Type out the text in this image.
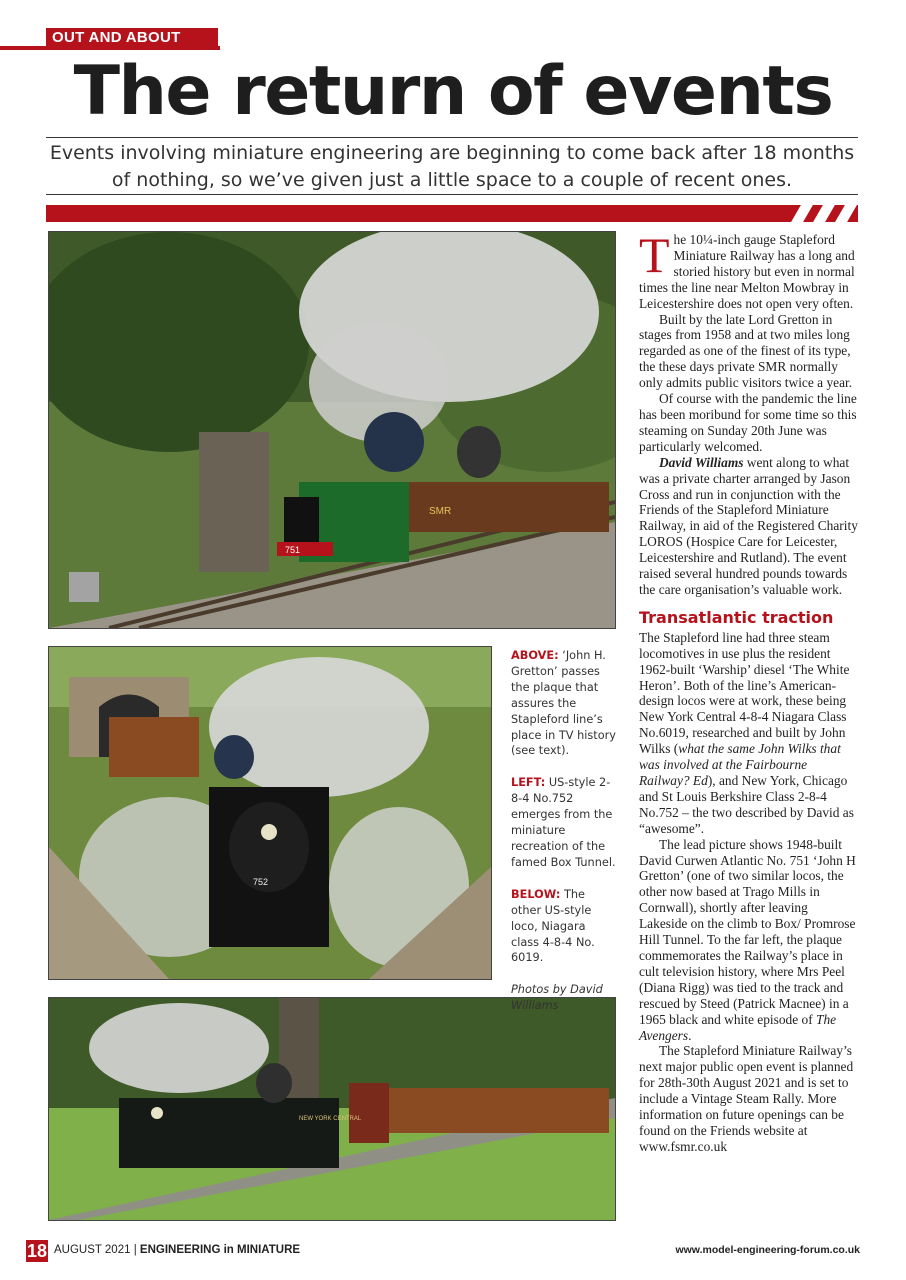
OUT AND ABOUT
The return of events
Events involving miniature engineering are beginning to come back after 18 months of nothing, so we’ve given just a little space to a couple of recent ones.
751
SMR
752
NEW YORK CENTRAL

ABOVE: ‘John H. Gretton’ passes the plaque that assures the Stapleford line’s place in TV history (see text).

LEFT: US-style 2-8-4 No.752 emerges from the miniature recreation of the famed Box Tunnel.

BELOW: The other US-style loco, Niagara class 4-8-4 No. 6019.

Photos by David Williams

The 10¼-inch gauge Stapleford Miniature Railway has a long and storied history but even in normal times the line near Melton Mowbray in Leicestershire does not open very often.

Built by the late Lord Gretton in stages from 1958 and at two miles long regarded as one of the finest of its type, the these days private SMR normally only admits public visitors twice a year.

Of course with the pandemic the line has been moribund for some time so this steaming on Sunday 20th June was particularly welcomed.

David Williams went along to what was a private charter arranged by Jason Cross and run in conjunction with the Friends of the Stapleford Miniature Railway, in aid of the Registered Charity LOROS (Hospice Care for Leicester, Leicestershire and Rutland). The event raised several hundred pounds towards the care organisation’s valuable work.

Transatlantic traction

The Stapleford line had three steam locomotives in use plus the resident 1962-built ‘Warship’ diesel ‘The White Heron’. Both of the line’s American-design locos were at work, these being New York Central 4-8-4 Niagara Class No.6019, researched and built by John Wilks (what the same John Wilks that was involved at the Fairbourne Railway? Ed), and New York, Chicago and St Louis Berkshire Class 2-8-4 No.752 – the two described by David as “awesome”.

The lead picture shows 1948-built David Curwen Atlantic No. 751 ‘John H Gretton’ (one of two similar locos, the other now based at Trago Mills in Cornwall), shortly after leaving Lakeside on the climb to Box/ Promrose Hill Tunnel. To the far left, the plaque commemorates the Railway’s place in cult television history, where Mrs Peel (Diana Rigg) was tied to the track and rescued by Steed (Patrick Macnee) in a 1965 black and white episode of The Avengers.

The Stapleford Miniature Railway’s next major public open event is planned for 28th-30th August 2021 and is set to include a Vintage Steam Rally. More information on future openings can be found on the Friends website at www.fsmr.co.uk

18 AUGUST 2021 | ENGINEERING in MINIATURE	www.model-engineering-forum.co.uk
